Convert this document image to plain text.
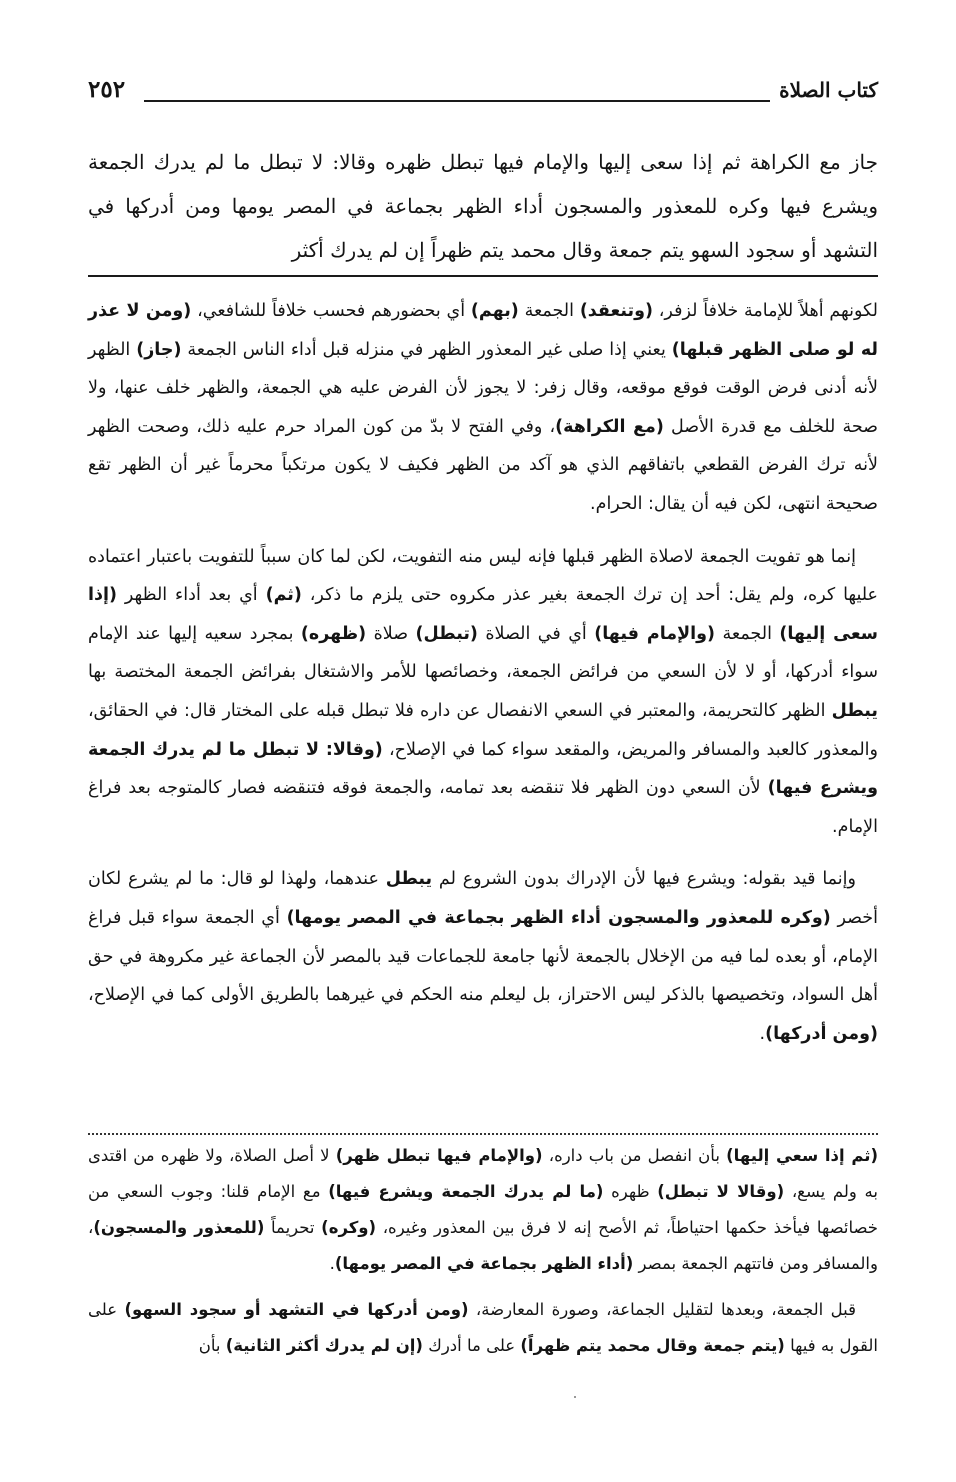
كتاب الصلاة
٢٥٢

جاز مع الكراهة ثم إذا سعى إليها والإمام فيها تبطل ظهره وقالا: لا تبطل ما لم يدرك الجمعة ويشرع فيها وكره للمعذور والمسجون أداء الظهر بجماعة في المصر يومها ومن أدركها في التشهد أو سجود السهو يتم جمعة وقال محمد يتم ظهراً إن لم يدرك أكثر

لكونهم أهلاً للإمامة خلافاً لزفر، (وتنعقد) الجمعة (بهم) أي بحضورهم فحسب خلافاً للشافعي، (ومن لا عذر له لو صلى الظهر قبلها) يعني إذا صلى غير المعذور الظهر في منزله قبل أداء الناس الجمعة (جاز) الظهر لأنه أدنى فرض الوقت فوقع موقعه، وقال زفر: لا يجوز لأن الفرض عليه هي الجمعة، والظهر خلف عنها، ولا صحة للخلف مع قدرة الأصل (مع الكراهة)، وفي الفتح لا بدّ من كون المراد حرم عليه ذلك، وصحت الظهر لأنه ترك الفرض القطعي باتفاقهم الذي هو آكد من الظهر فكيف لا يكون مرتكباً محرماً غير أن الظهر تقع صحيحة انتهى، لكن فيه أن يقال: الحرام.

إنما هو تفويت الجمعة لاصلاة الظهر قبلها فإنه ليس منه التفويت، لكن لما كان سبباً للتفويت باعتبار اعتماده عليها كره، ولم يقل: أحد إن ترك الجمعة بغير عذر مكروه حتى يلزم ما ذكر، (ثم) أي بعد أداء الظهر (إذا سعى إليها) الجمعة (والإمام فيها) أي في الصلاة (تبطل) صلاة (ظهره) بمجرد سعيه إليها عند الإمام سواء أدركها، أو لا لأن السعي من فرائض الجمعة، وخصائصها للأمر والاشتغال بفرائض الجمعة المختصة بها يبطل الظهر كالتحريمة، والمعتبر في السعي الانفصال عن داره فلا تبطل قبله على المختار قال: في الحقائق، والمعذور كالعبد والمسافر والمريض، والمقعد سواء كما في الإصلاح، (وقالا: لا تبطل ما لم يدرك الجمعة ويشرع فيها) لأن السعي دون الظهر فلا تنقضه بعد تمامه، والجمعة فوقه فتنقضه فصار كالمتوجه بعد فراغ الإمام.

وإنما قيد بقوله: ويشرع فيها لأن الإدراك بدون الشروع لم يبطل عندهما، ولهذا لو قال: ما لم يشرع لكان أخصر (وكره للمعذور والمسجون أداء الظهر بجماعة في المصر يومها) أي الجمعة سواء قبل فراغ الإمام، أو بعده لما فيه من الإخلال بالجمعة لأنها جامعة للجماعات قيد بالمصر لأن الجماعة غير مكروهة في حق أهل السواد، وتخصيصها بالذكر ليس الاحتراز، بل ليعلم منه الحكم في غيرهما بالطريق الأولى كما في الإصلاح، (ومن أدركها).

(ثم إذا سعي إليها) بأن انفصل من باب داره، (والإمام فيها تبطل ظهر) لا أصل الصلاة، ولا ظهره من اقتدى به ولم يسع، (وقالا لا تبطل) ظهره (ما لم يدرك الجمعة ويشرع فيها) مع الإمام قلنا: وجوب السعي من خصائصها فيأخذ حكمها احتياطاً، ثم الأصح إنه لا فرق بين المعذور وغيره، (وكره) تحريماً (للمعذور والمسجون)، والمسافر ومن فاتتهم الجمعة بمصر (أداء الظهر بجماعة في المصر يومها).

قبل الجمعة، وبعدها لتقليل الجماعة، وصورة المعارضة، (ومن أدركها في التشهد أو سجود السهو) على القول به فيها (يتم جمعة وقال محمد يتم ظهراً) على ما أدرك (إن لم يدرك أكثر الثانية) بأن
